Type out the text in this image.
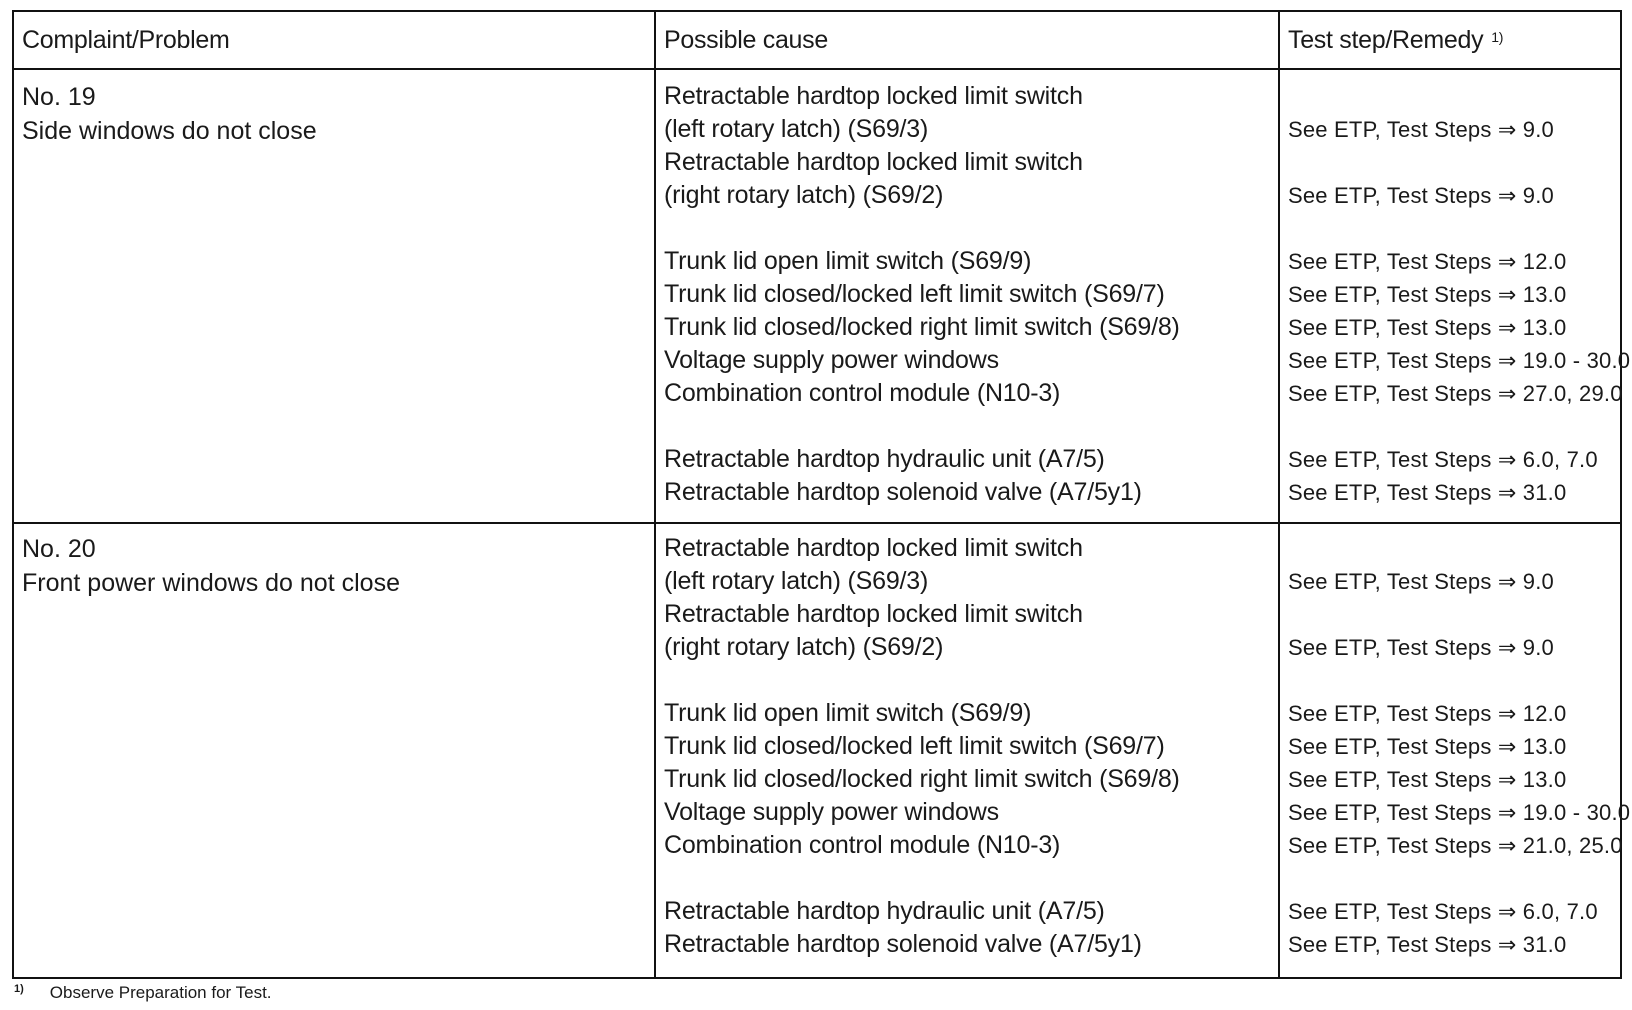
Complaint/Problem	Possible cause	Test step/Remedy $^{1)}$
No. 19
Side windows do not close
Retractable hardtop locked limit switch
(left rotary latch) (S69/3)
Retractable hardtop locked limit switch
(right rotary latch) (S69/2)
Trunk lid open limit switch (S69/9)
Trunk lid closed/locked left limit switch (S69/7)
Trunk lid closed/locked right limit switch (S69/8)
Voltage supply power windows
Combination control module (N10-3)
Retractable hardtop hydraulic unit (A7/5)
Retractable hardtop solenoid valve (A7/5y1)
See ETP, Test Steps ⇒ 9.0
See ETP, Test Steps ⇒ 9.0
See ETP, Test Steps ⇒ 12.0
See ETP, Test Steps ⇒ 13.0
See ETP, Test Steps ⇒ 13.0
See ETP, Test Steps ⇒ 19.0 - 30.0
See ETP, Test Steps ⇒ 27.0, 29.0
See ETP, Test Steps ⇒ 6.0, 7.0
See ETP, Test Steps ⇒ 31.0
No. 20
Front power windows do not close
Retractable hardtop locked limit switch
(left rotary latch) (S69/3)
Retractable hardtop locked limit switch
(right rotary latch) (S69/2)
Trunk lid open limit switch (S69/9)
Trunk lid closed/locked left limit switch (S69/7)
Trunk lid closed/locked right limit switch (S69/8)
Voltage supply power windows
Combination control module (N10-3)
Retractable hardtop hydraulic unit (A7/5)
Retractable hardtop solenoid valve (A7/5y1)
See ETP, Test Steps ⇒ 9.0
See ETP, Test Steps ⇒ 9.0
See ETP, Test Steps ⇒ 12.0
See ETP, Test Steps ⇒ 13.0
See ETP, Test Steps ⇒ 13.0
See ETP, Test Steps ⇒ 19.0 - 30.0
See ETP, Test Steps ⇒ 21.0, 25.0
See ETP, Test Steps ⇒ 6.0, 7.0
See ETP, Test Steps ⇒ 31.0
$^{1)}$ Observe Preparation for Test.
